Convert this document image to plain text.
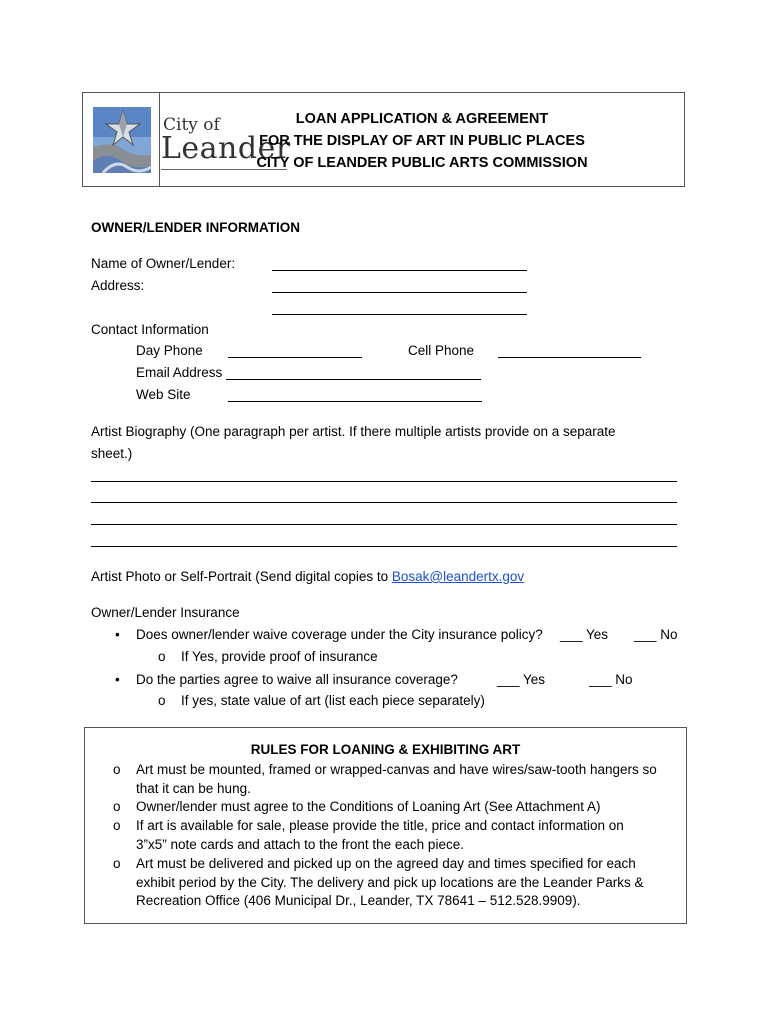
City of
Leander
LOAN APPLICATION & AGREEMENT
FOR THE DISPLAY OF ART IN PUBLIC PLACES
CITY OF LEANDER PUBLIC ARTS COMMISSION
OWNER/LENDER INFORMATION
Name of Owner/Lender:
Address:
Contact Information
Day Phone	Cell Phone
Email Address
Web Site
Artist Biography (One paragraph per artist. If there multiple artists provide on a separate
sheet.)
Artist Photo or Self-Portrait (Send digital copies to Bosak@leandertx.gov
Owner/Lender Insurance
• Does owner/lender waive coverage under the City insurance policy? ___ Yes ___ No
o If Yes, provide proof of insurance
• Do the parties agree to waive all insurance coverage?	___ Yes	___ No
o If yes, state value of art (list each piece separately)
RULES FOR LOANING & EXHIBITING ART
o Art must be mounted, framed or wrapped-canvas and have wires/saw-tooth hangers so that it can be hung.
o Owner/lender must agree to the Conditions of Loaning Art (See Attachment A)
o If art is available for sale, please provide the title, price and contact information on 3”x5” note cards and attach to the front the each piece.
o Art must be delivered and picked up on the agreed day and times specified for each exhibit period by the City. The delivery and pick up locations are the Leander Parks & Recreation Office (406 Municipal Dr., Leander, TX 78641 – 512.528.9909).
